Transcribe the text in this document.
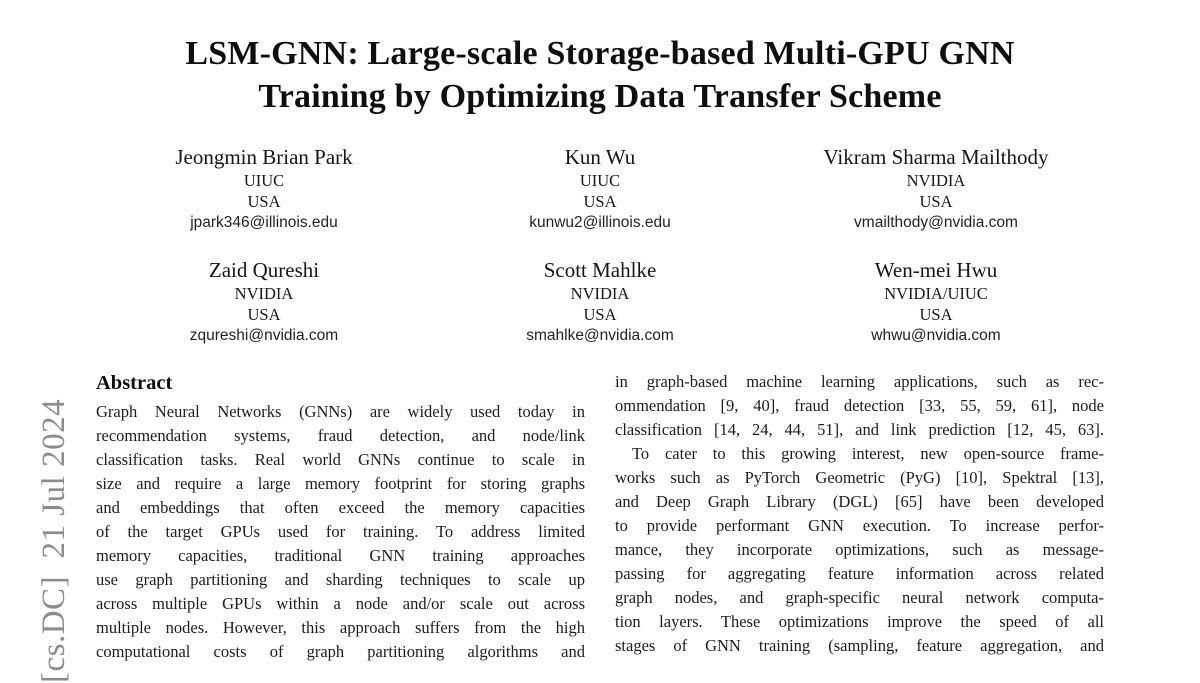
[cs.DC]  21 Jul 2024
LSM-GNN: Large-scale Storage-based Multi-GPU GNN
Training by Optimizing Data Transfer Scheme
Jeongmin Brian Park
UIUC
USA
jpark346@illinois.edu
Kun Wu
UIUC
USA
kunwu2@illinois.edu
Vikram Sharma Mailthody
NVIDIA
USA
vmailthody@nvidia.com
Zaid Qureshi
NVIDIA
USA
zqureshi@nvidia.com
Scott Mahlke
NVIDIA
USA
smahlke@nvidia.com
Wen-mei Hwu
NVIDIA/UIUC
USA
whwu@nvidia.com
Abstract
Graph Neural Networks (GNNs) are widely used today in
recommendation systems, fraud detection, and node/link
classification tasks. Real world GNNs continue to scale in
size and require a large memory footprint for storing graphs
and embeddings that often exceed the memory capacities
of the target GPUs used for training. To address limited
memory capacities, traditional GNN training approaches
use graph partitioning and sharding techniques to scale up
across multiple GPUs within a node and/or scale out across
multiple nodes. However, this approach suffers from the high
computational costs of graph partitioning algorithms and
in graph-based machine learning applications, such as rec-
ommendation [9, 40], fraud detection [33, 55, 59, 61], node
classification [14, 24, 44, 51], and link prediction [12, 45, 63].
To cater to this growing interest, new open-source frame-
works such as PyTorch Geometric (PyG) [10], Spektral [13],
and Deep Graph Library (DGL) [65] have been developed
to provide performant GNN execution. To increase perfor-
mance, they incorporate optimizations, such as message-
passing for aggregating feature information across related
graph nodes, and graph-specific neural network computa-
tion layers. These optimizations improve the speed of all
stages of GNN training (sampling, feature aggregation, and
